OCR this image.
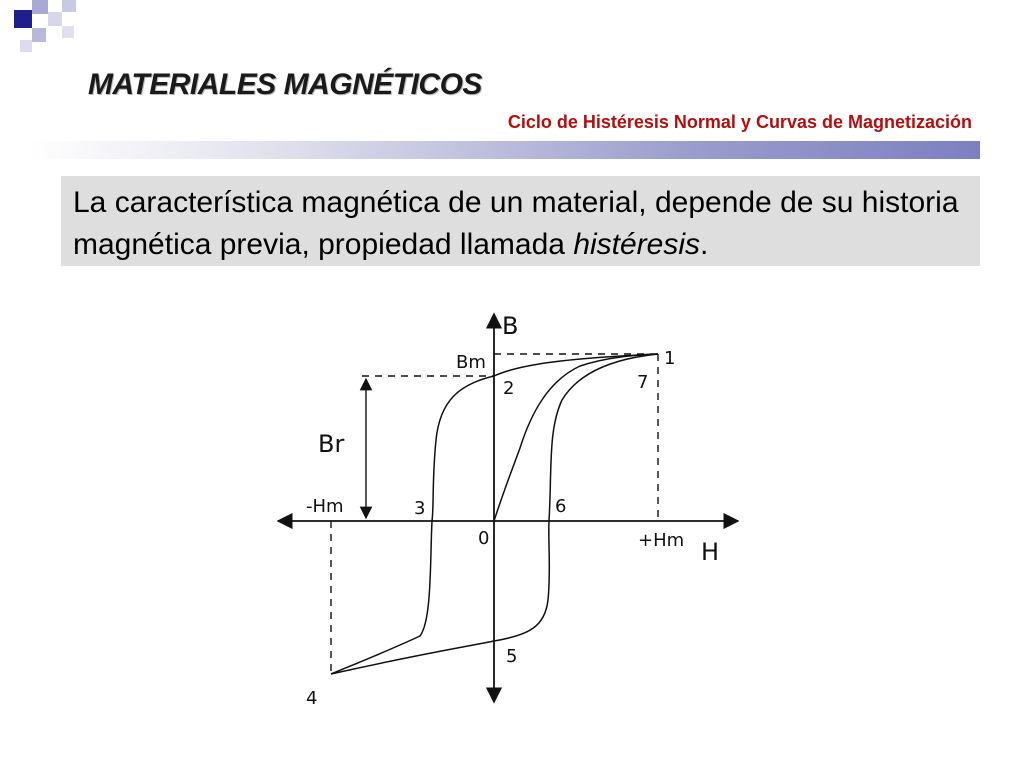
MATERIALES MAGNÉTICOS
Ciclo de Histéresis Normal y Curvas de Magnetización

La característica magnética de un material, depende de su historia magnética previa, propiedad llamada histéresis.

B
H
Bm
Br
-Hm
+Hm
0
1
2
3
4
5
6
7
